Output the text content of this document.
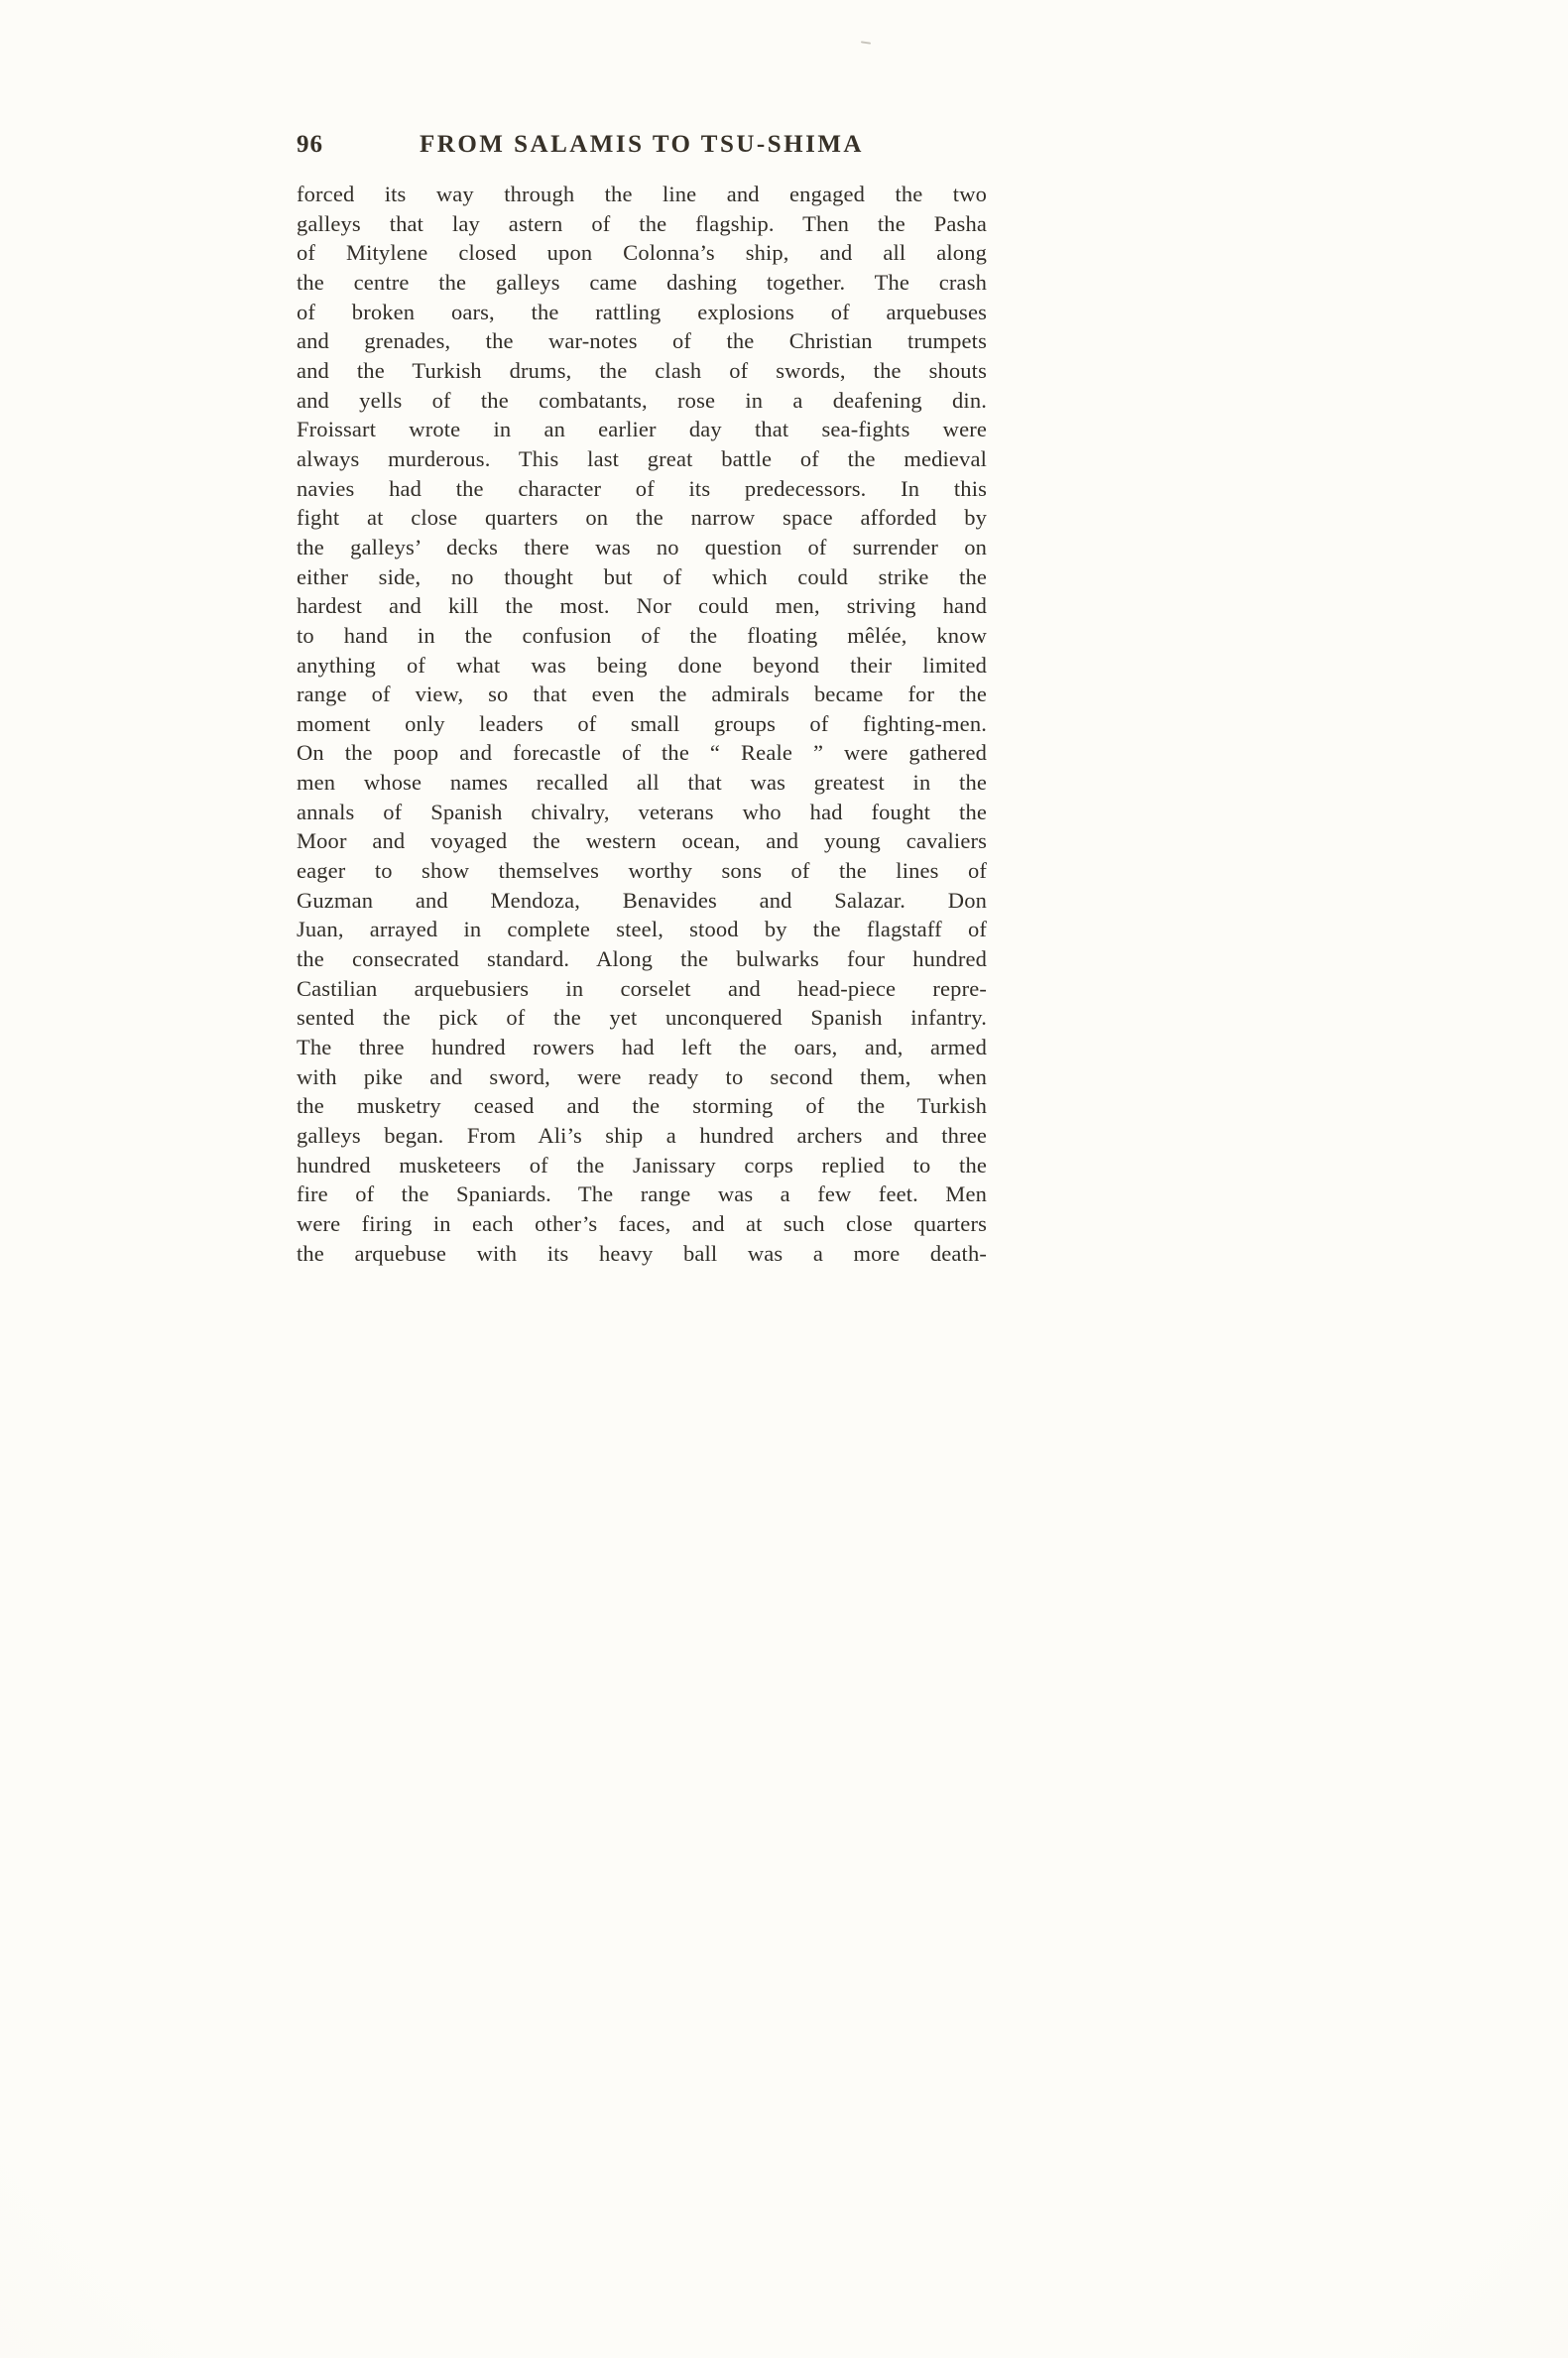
96	FROM SALAMIS TO TSU-SHIMA
forced its way through the line and engaged the two
galleys that lay astern of the flagship. Then the Pasha
of Mitylene closed upon Colonna’s ship, and all along
the centre the galleys came dashing together. The crash
of broken oars, the rattling explosions of arquebuses
and grenades, the war-notes of the Christian trumpets
and the Turkish drums, the clash of swords, the shouts
and yells of the combatants, rose in a deafening din.
Froissart wrote in an earlier day that sea-fights were
always murderous. This last great battle of the medieval
navies had the character of its predecessors. In this
fight at close quarters on the narrow space afforded by
the galleys’ decks there was no question of surrender on
either side, no thought but of which could strike the
hardest and kill the most. Nor could men, striving hand
to hand in the confusion of the floating mêlée, know
anything of what was being done beyond their limited
range of view, so that even the admirals became for the
moment only leaders of small groups of fighting-men.
On the poop and forecastle of the “ Reale ” were gathered
men whose names recalled all that was greatest in the
annals of Spanish chivalry, veterans who had fought the
Moor and voyaged the western ocean, and young cavaliers
eager to show themselves worthy sons of the lines of
Guzman and Mendoza, Benavides and Salazar. Don
Juan, arrayed in complete steel, stood by the flagstaff of
the consecrated standard. Along the bulwarks four hundred
Castilian arquebusiers in corselet and head-piece repre-
sented the pick of the yet unconquered Spanish infantry.
The three hundred rowers had left the oars, and, armed
with pike and sword, were ready to second them, when
the musketry ceased and the storming of the Turkish
galleys began. From Ali’s ship a hundred archers and three
hundred musketeers of the Janissary corps replied to the
fire of the Spaniards. The range was a few feet. Men
were firing in each other’s faces, and at such close quarters
the arquebuse with its heavy ball was a more death-
